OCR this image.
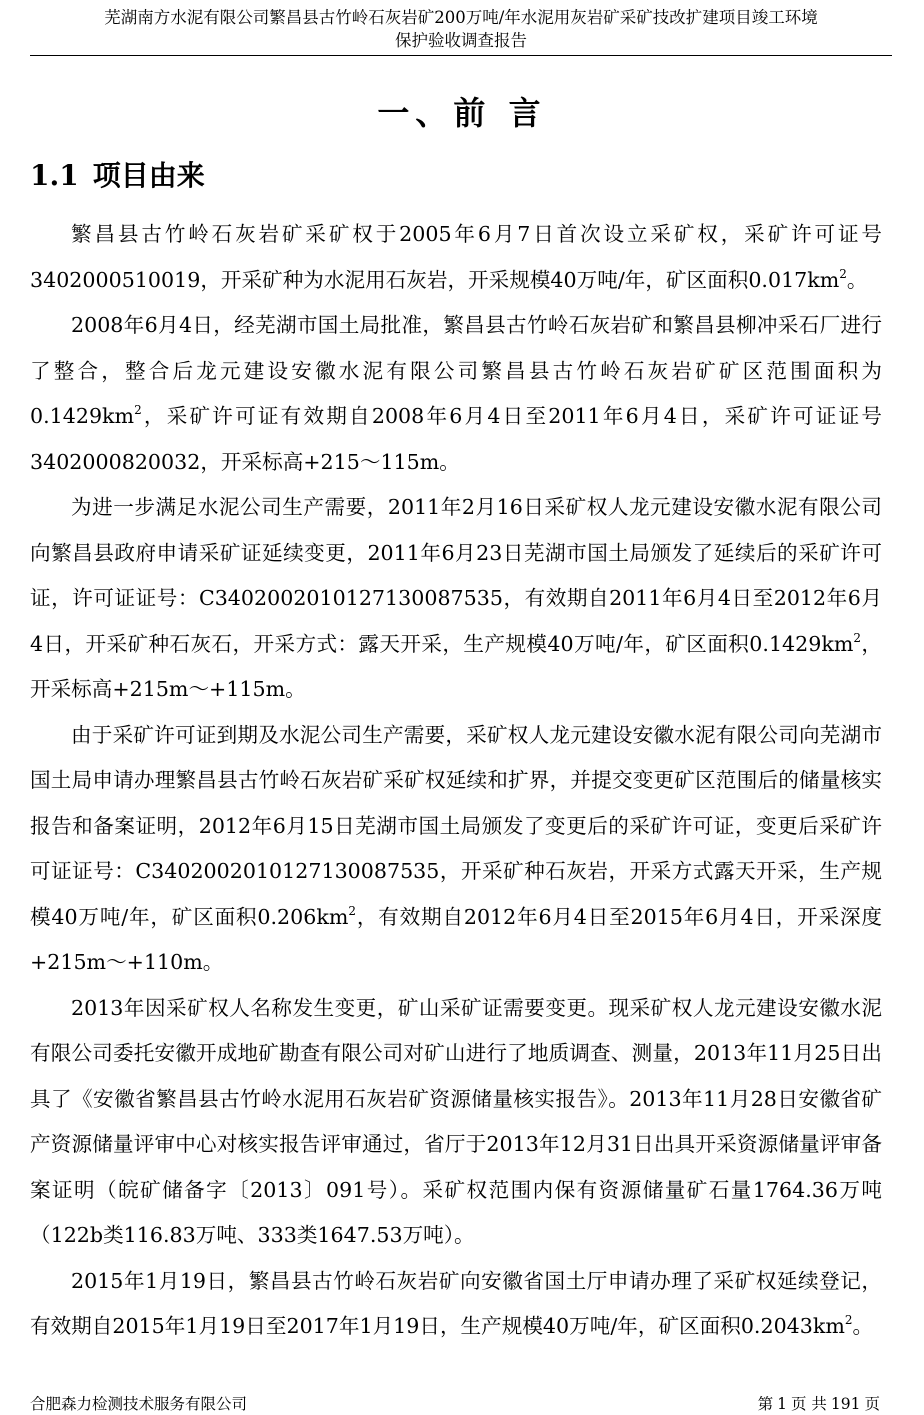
芜湖南方水泥有限公司繁昌县古竹岭石灰岩矿200万吨/年水泥用灰岩矿采矿技改扩建项目竣工环境
保护验收调查报告
一、前 言
1.1 项目由来

繁昌县古竹岭石灰岩矿采矿权于2005年6月7日首次设立采矿权，采矿许可证号3402000510019，开采矿种为水泥用石灰岩，开采规模40万吨/年，矿区面积$0.017km^2$。

2008年6月4日，经芜湖市国土局批准，繁昌县古竹岭石灰岩矿和繁昌县柳冲采石厂进行了整合，整合后龙元建设安徽水泥有限公司繁昌县古竹岭石灰岩矿矿区范围面积为$0.1429km^2$，采矿许可证有效期自2008年6月4日至2011年6月4日，采矿许可证证号3402000820032，开采标高+215～115m。

为进一步满足水泥公司生产需要，2011年2月16日采矿权人龙元建设安徽水泥有限公司向繁昌县政府申请采矿证延续变更，2011年6月23日芜湖市国土局颁发了延续后的采矿许可证，许可证证号：C3402002010127130087535，有效期自2011年6月4日至2012年6月4日，开采矿种石灰石，开采方式：露天开采，生产规模40万吨/年，矿区面积$0.1429km^2$，开采标高+215m～+115m。

由于采矿许可证到期及水泥公司生产需要，采矿权人龙元建设安徽水泥有限公司向芜湖市国土局申请办理繁昌县古竹岭石灰岩矿采矿权延续和扩界，并提交变更矿区范围后的储量核实报告和备案证明，2012年6月15日芜湖市国土局颁发了变更后的采矿许可证，变更后采矿许可证证号：C3402002010127130087535，开采矿种石灰岩，开采方式露天开采，生产规模40万吨/年，矿区面积$0.206km^2$，有效期自2012年6月4日至2015年6月4日，开采深度+215m～+110m。

2013年因采矿权人名称发生变更，矿山采矿证需要变更。现采矿权人龙元建设安徽水泥有限公司委托安徽开成地矿勘查有限公司对矿山进行了地质调查、测量，2013年11月25日出具了《安徽省繁昌县古竹岭水泥用石灰岩矿资源储量核实报告》。2013年11月28日安徽省矿产资源储量评审中心对核实报告评审通过，省厅于2013年12月31日出具开采资源储量评审备案证明（皖矿储备字〔2013〕091号）。采矿权范围内保有资源储量矿石量1764.36万吨（122b类116.83万吨、333类1647.53万吨）。

2015年1月19日，繁昌县古竹岭石灰岩矿向安徽省国土厅申请办理了采矿权延续登记，有效期自2015年1月19日至2017年1月19日，生产规模40万吨/年，矿区面积$0.2043km^2$。

合肥森力检测技术服务有限公司	第 1 页 共 191 页
